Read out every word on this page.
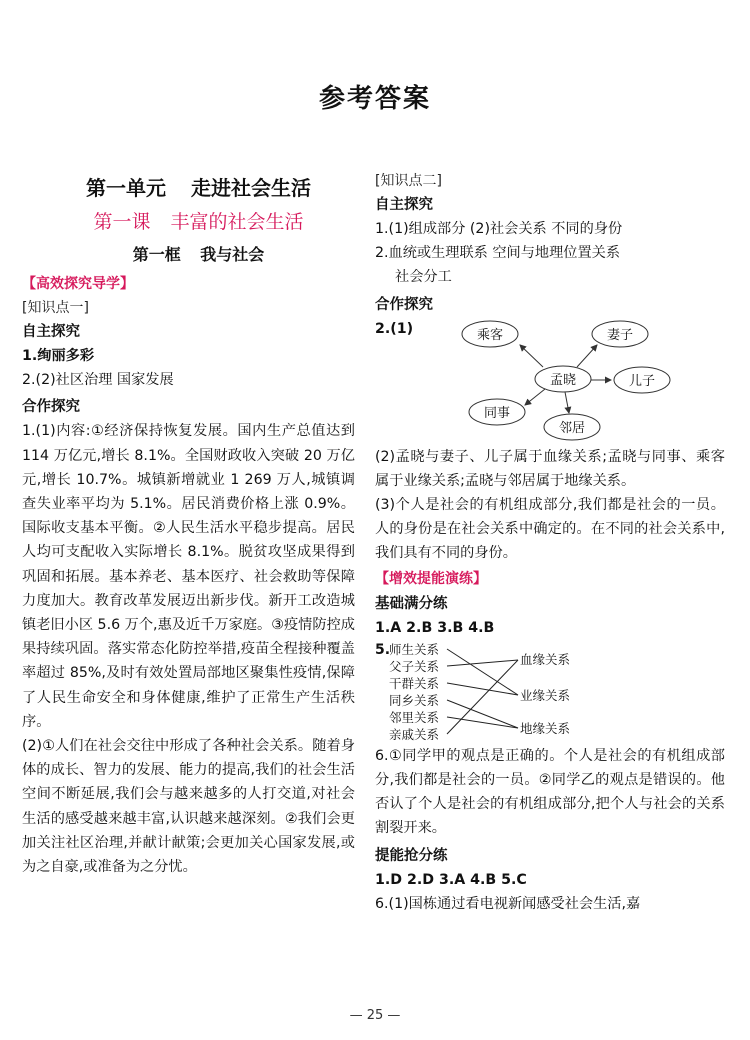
参考答案
第一单元 走进社会生活
第一课 丰富的社会生活
第一框 我与社会
【高效探究导学】
[知识点一]
自主探究

1.绚丽多彩

2.(2)社区治理 国家发展

合作探究

1.(1)内容:①经济保持恢复发展。国内生产总值达到 114 万亿元,增长 8.1%。全国财政收入突破 20 万亿元,增长 10.7%。城镇新增就业 1 269 万人,城镇调查失业率平均为 5.1%。居民消费价格上涨 0.9%。国际收支基本平衡。②人民生活水平稳步提高。居民人均可支配收入实际增长 8.1%。脱贫攻坚成果得到巩固和拓展。基本养老、基本医疗、社会救助等保障力度加大。教育改革发展迈出新步伐。新开工改造城镇老旧小区 5.6 万个,惠及近千万家庭。③疫情防控成果持续巩固。落实常态化防控举措,疫苗全程接种覆盖率超过 85%,及时有效处置局部地区聚集性疫情,保障了人民生命安全和身体健康,维护了正常生产生活秩序。

(2)①人们在社会交往中形成了各种社会关系。随着身体的成长、智力的发展、能力的提高,我们的社会生活空间不断延展,我们会与越来越多的人打交道,对社会生活的感受越来越丰富,认识越来越深刻。②我们会更加关注社区治理,并献计献策;会更加关心国家发展,或为之自豪,或准备为之分忧。

[知识点二]
自主探究

1.(1)组成部分 (2)社会关系 不同的身份

2.血统或生理联系 空间与地理位置关系

社会分工

合作探究
2.(1)
孟晓
乘客	妻子
儿子
同事
邻居

(2)孟晓与妻子、儿子属于血缘关系;孟晓与同事、乘客属于业缘关系;孟晓与邻居属于地缘关系。

(3)个人是社会的有机组成部分,我们都是社会的一员。人的身份是在社会关系中确定的。在不同的社会关系中,我们具有不同的身份。

【增效提能演练】
基础满分练

1.A 2.B 3.B 4.B

5.
师生关系
父子关系
干群关系
同乡关系
邻里关系
亲戚关系
血缘关系
业缘关系
地缘关系

6.①同学甲的观点是正确的。个人是社会的有机组成部分,我们都是社会的一员。②同学乙的观点是错误的。他否认了个人是社会的有机组成部分,把个人与社会的关系割裂开来。

提能抢分练

1.D 2.D 3.A 4.B 5.C

6.(1)国栋通过看电视新闻感受社会生活,嘉

— 25 —
